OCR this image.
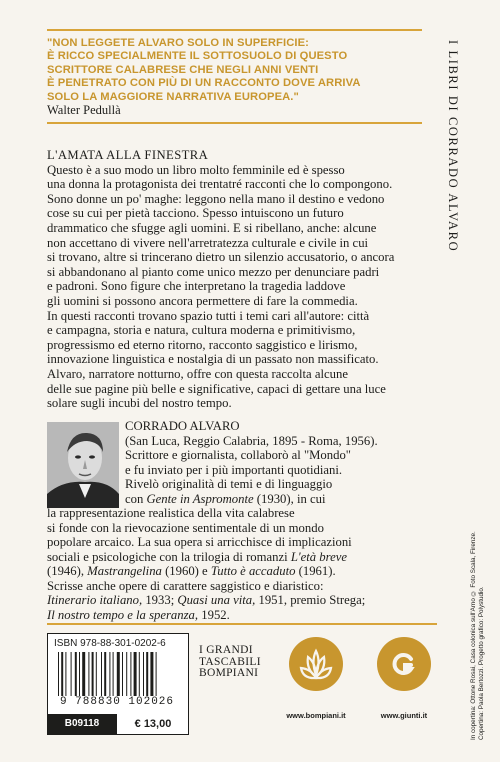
"NON LEGGETE ALVARO SOLO IN SUPERFICIE:
È RICCO SPECIALMENTE IL SOTTOSUOLO DI QUESTO
SCRITTORE CALABRESE CHE NEGLI ANNI VENTI
È PENETRATO CON PIÙ DI UN RACCONTO DOVE ARRIVA
SOLO LA MAGGIORE NARRATIVA EUROPEA."
Walter Pedullà
L'AMATA ALLA FINESTRA
Questo è a suo modo un libro molto femminile ed è spesso
una donna la protagonista dei trentatré racconti che lo compongono.
Sono donne un po' maghe: leggono nella mano il destino e vedono
cose su cui per pietà tacciono. Spesso intuiscono un futuro
drammatico che sfugge agli uomini. E si ribellano, anche: alcune
non accettano di vivere nell'arretratezza culturale e civile in cui
si trovano, altre si trincerano dietro un silenzio accusatorio, o ancora
si abbandonano al pianto come unico mezzo per denunciare padri
e padroni. Sono figure che interpretano la tragedia laddove
gli uomini si possono ancora permettere di fare la commedia.
In questi racconti trovano spazio tutti i temi cari all'autore: città
e campagna, storia e natura, cultura moderna e primitivismo,
progressismo ed eterno ritorno, racconto saggistico e lirismo,
innovazione linguistica e nostalgia di un passato non massificato.
Alvaro, narratore notturno, offre con questa raccolta alcune
delle sue pagine più belle e significative, capaci di gettare una luce
solare sugli incubi del nostro tempo.
CORRADO ALVARO
(San Luca, Reggio Calabria, 1895 - Roma, 1956).
Scrittore e giornalista, collaborò al "Mondo"
e fu inviato per i più importanti quotidiani.
Rivelò originalità di temi e di linguaggio
con Gente in Aspromonte (1930), in cui
la rappresentazione realistica della vita calabrese
si fonde con la rievocazione sentimentale di un mondo
popolare arcaico. La sua opera si arricchisce di implicazioni
sociali e psicologiche con la trilogia di romanzi L'età breve
(1946), Mastrangelina (1960) e Tutto è accaduto (1961).
Scrisse anche opere di carattere saggistico e diaristico:
Itinerario italiano, 1933; Quasi una vita, 1951, premio Strega;
Il nostro tempo e la speranza, 1952.
I LIBRI DI CORRADO ALVARO
In copertina: Ottone Rosai, Casa colonica sull'Arno © Foto Scala, Firenze. Copertina: Paola Bertozzi. Progetto grafico: Polystudio.
ISBN 978-88-301-0202-6
9 788830 102026
B09118	€ 13,00
I GRANDI
TASCABILI
BOMPIANI
www.bompiani.it	www.giunti.it
